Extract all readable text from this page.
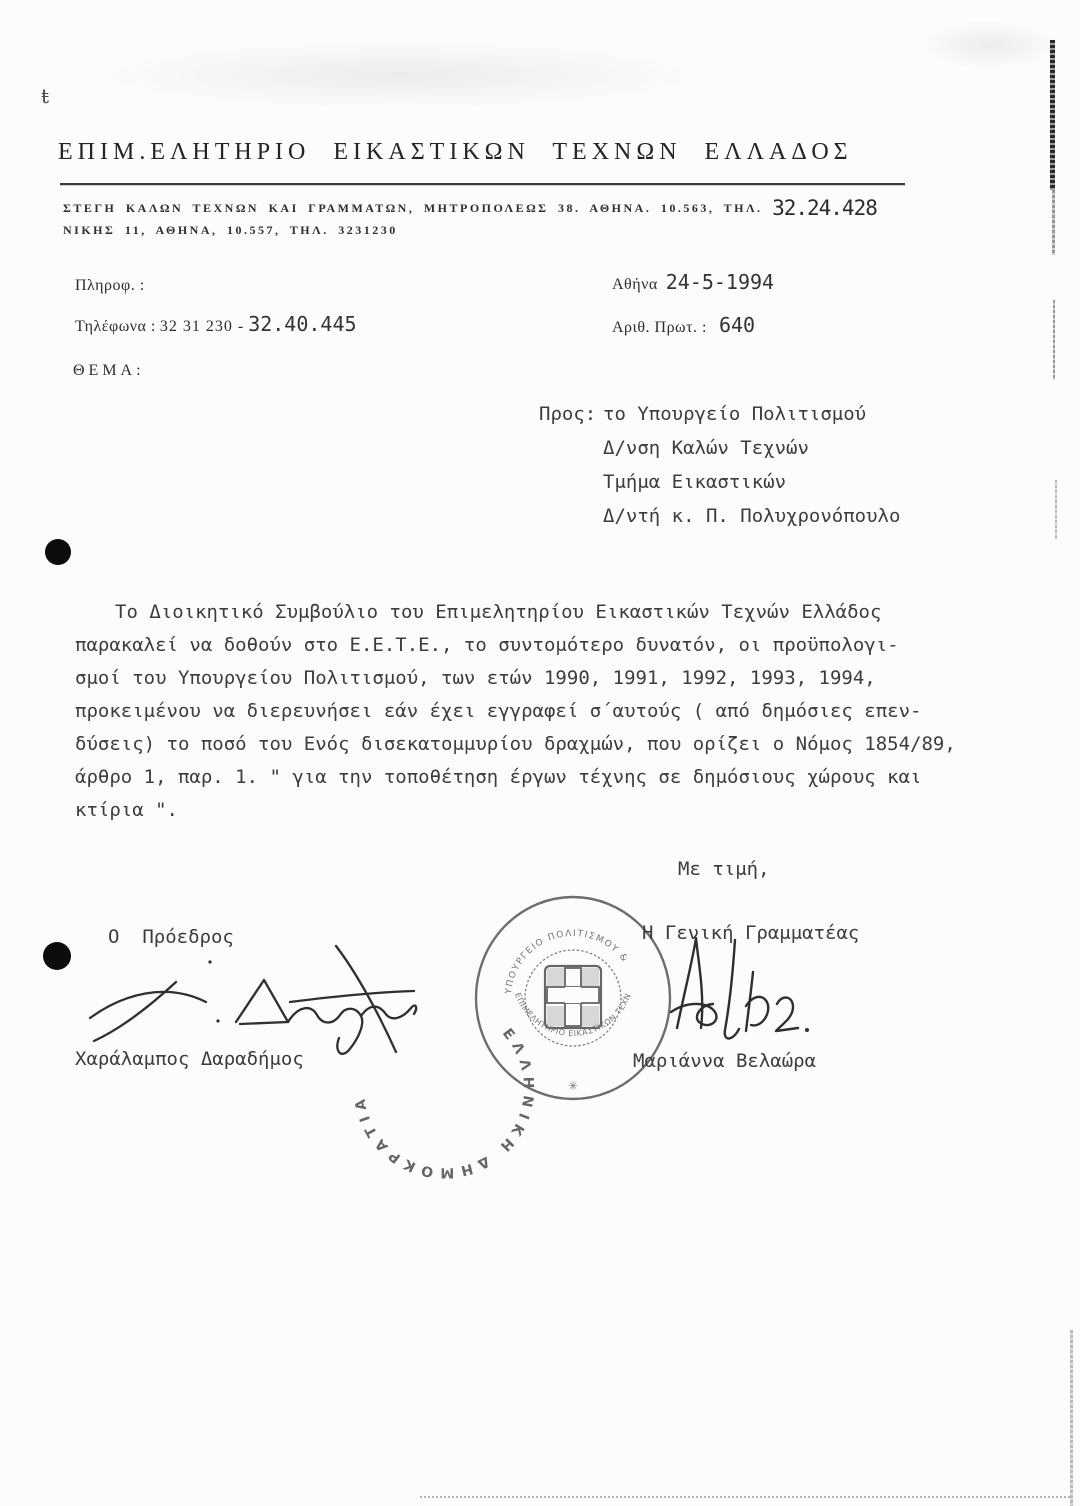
ŧ
ΕΠΙΜ.ΕΛΗΤΗΡΙΟ ΕΙΚΑΣΤΙΚΩΝ ΤΕΧΝΩΝ ΕΛΛΑΔΟΣ
ΣΤΕΓΗ ΚΑΛΩΝ ΤΕΧΝΩΝ ΚΑΙ ΓΡΑΜΜΑΤΩΝ, ΜΗΤΡΟΠΟΛΕΩΣ 38. ΑΘΗΝΑ. 10.563, ΤΗΛ. 32.24.428
ΝΙΚΗΣ 11, ΑΘΗΝΑ, 10.557, ΤΗΛ. 3231230
Πληροφ. :
Τηλέφωνα : 32 31 230 - 32.40.445
Αθήνα 24-5-1994
Αριθ. Πρωτ. : 640
ΘΕΜΑ:
Προς: το Υπουργείο Πολιτισμού
Δ/νση Καλών Τεχνών
Τμήμα Εικαστικών
Δ/ντή κ. Π. Πολυχρονόπουλο
Το Διοικητικό Συμβούλιο του Επιμελητηρίου Εικαστικών Τεχνών Ελλάδος
παρακαλεί να δοθούν στο Ε.Ε.Τ.Ε., το συντομότερο δυνατόν, οι προϋπολογι-
σμοί του Υπουργείου Πολιτισμού, των ετών 1990, 1991, 1992, 1993, 1994,
προκειμένου να διερευνήσει εάν έχει εγγραφεί σ΄αυτούς ( από δημόσιες επεν-
δύσεις) το ποσό του Ενός δισεκατομμυρίου δραχμών, που ορίζει ο Νόμος 1854/89,
άρθρο 1, παρ. 1. " για την τοποθέτηση έργων τέχνης σε δημόσιους χώρους και
κτίρια ".
Με τιμή,
Ο  Πρόεδρος
Χαράλαμπος Δαραδήμος
ΕΛΛΗΝΙΚΗ ΔΗΜΟΚΡΑΤΙΑ
ΥΠΟΥΡΓΕΙΟ ΠΟΛΙΤΙΣΜΟΥ &
ΕΠΙΜΕΛΗΤΗΡΙΟ ΕΙΚΑΣΤΙΚΩΝ ΤΕΧΝΩΝ
✳
Η Γενική Γραμματέας
Μαριάννα Βελαώρα
